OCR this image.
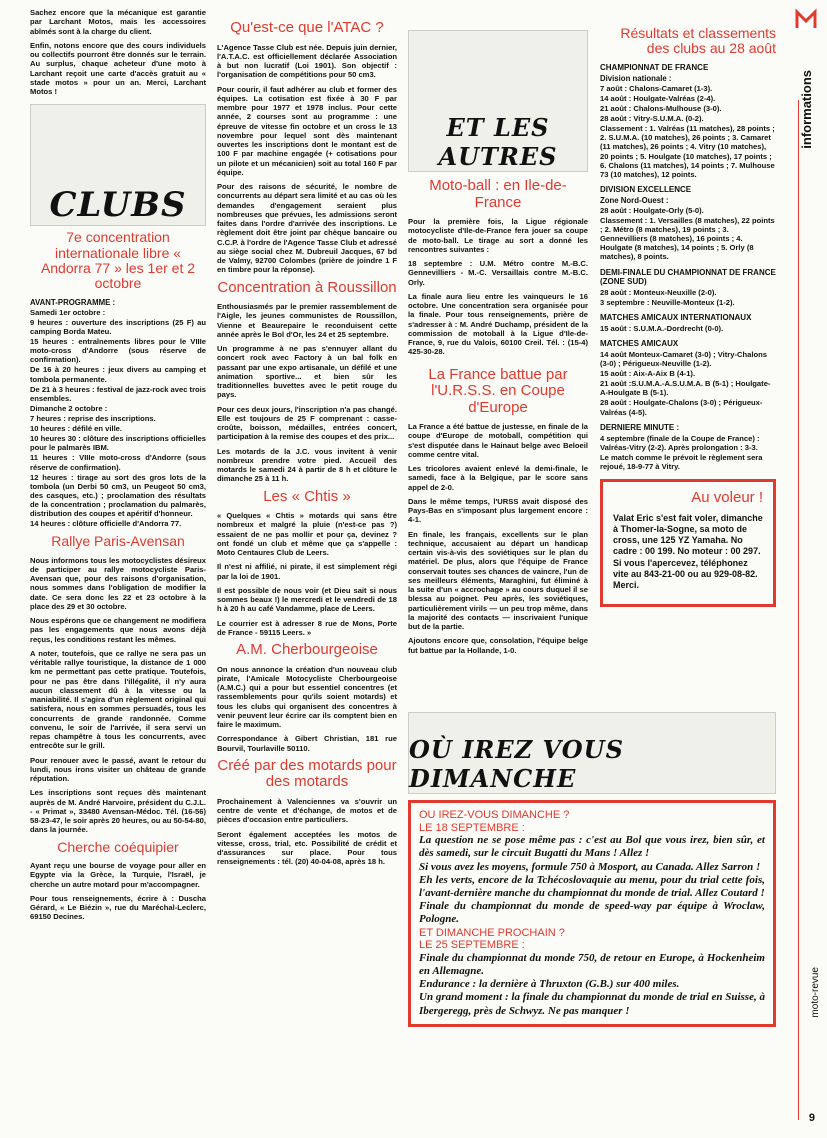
informations
moto-revue
9

Sachez encore que la mécanique est garantie par Larchant Motos, mais les accessoires abîmés sont à la charge du client.

Enfin, notons encore que des cours individuels ou collectifs pourront être donnés sur le terrain. Au surplus, chaque acheteur d'une moto à Larchant reçoit une carte d'accès gratuit au « stade motos » pour un an. Merci, Larchant Motos !

CLUBS
7e concentration internationale libre « Andorra 77 » les 1er et 2 octobre
AVANT-PROGRAMME :

Samedi 1er octobre :

9 heures : ouverture des inscriptions (25 F) au camping Borda Mateu.

15 heures : entraînements libres pour le VIIIe moto-cross d'Andorre (sous réserve de confirmation).

De 16 à 20 heures : jeux divers au camping et tombola permanente.

De 21 à 3 heures : festival de jazz-rock avec trois ensembles.

Dimanche 2 octobre :

7 heures : reprise des inscriptions.

10 heures : défilé en ville.

10 heures 30 : clôture des inscriptions officielles pour le palmarès IBM.

11 heures : VIIIe moto-cross d'Andorre (sous réserve de confirmation).

12 heures : tirage au sort des gros lots de la tombola (un Derbi 50 cm3, un Peugeot 50 cm3, des casques, etc.) ; proclamation des résultats de la concentration ; proclamation du palmarès, distribution des coupes et apéritif d'honneur.

14 heures : clôture officielle d'Andorra 77.

Rallye Paris-Avensan

Nous informons tous les motocyclistes désireux de participer au rallye motocycliste Paris-Avensan que, pour des raisons d'organisation, nous sommes dans l'obligation de modifier la date. Ce sera donc les 22 et 23 octobre à la place des 29 et 30 octobre.

Nous espérons que ce changement ne modifiera pas les engagements que nous avons déjà reçus, les conditions restant les mêmes.

A noter, toutefois, que ce rallye ne sera pas un véritable rallye touristique, la distance de 1 000 km ne permettant pas cette pratique. Toutefois, pour ne pas être dans l'illégalité, il n'y aura aucun classement dû à la vitesse ou la maniabilité. Il s'agira d'un règlement original qui satisfera, nous en sommes persuadés, tous les concurrents de grande randonnée. Comme convenu, le soir de l'arrivée, il sera servi un repas champêtre à tous les concurrents, avec entrecôte sur le grill.

Pour renouer avec le passé, avant le retour du lundi, nous irons visiter un château de grande réputation.

Les inscriptions sont reçues dès maintenant auprès de M. André Harvoire, président du C.J.L. - « Primat », 33480 Avensan-Médoc. Tél. (16-56) 58-23-47, le soir après 20 heures, ou au 50-54-80, dans la journée.

Cherche coéquipier

Ayant reçu une bourse de voyage pour aller en Egypte via la Grèce, la Turquie, l'Israël, je cherche un autre motard pour m'accompagner.

Pour tous renseignements, écrire à : Duscha Gérard, « Le Biézin », rue du Maréchal-Leclerc, 69150 Decines.

Qu'est-ce que l'ATAC ?

L'Agence Tasse Club est née. Depuis juin dernier, l'A.T.A.C. est officiellement déclarée Association à but non lucratif (Loi 1901). Son objectif : l'organisation de compétitions pour 50 cm3.

Pour courir, il faut adhérer au club et former des équipes. La cotisation est fixée à 30 F par membre pour 1977 et 1978 inclus. Pour cette année, 2 courses sont au programme : une épreuve de vitesse fin octobre et un cross le 13 novembre pour lequel sont dès maintenant ouvertes les inscriptions dont le montant est de 100 F par machine engagée (+ cotisations pour un pilote et un mécanicien) soit au total 160 F par équipe.

Pour des raisons de sécurité, le nombre de concurrents au départ sera limité et au cas où les demandes d'engagement seraient plus nombreuses que prévues, les admissions seront faites dans l'ordre d'arrivée des inscriptions. Le règlement doit être joint par chèque bancaire ou C.C.P. à l'ordre de l'Agence Tasse Club et adressé au siège social chez M. Dubreuil Jacques, 67 bd de Valmy, 92700 Colombes (prière de joindre 1 F en timbre pour la réponse).

Concentration à Roussillon

Enthousiasmés par le premier rassemblement de l'Aigle, les jeunes communistes de Roussillon, Vienne et Beaurepaire le reconduisent cette année après le Bol d'Or, les 24 et 25 septembre.

Un programme à ne pas s'ennuyer allant du concert rock avec Factory à un bal folk en passant par une expo artisanale, un défilé et une animation sportive... et bien sûr les traditionnelles buvettes avec le petit rouge du pays.

Pour ces deux jours, l'inscription n'a pas changé. Elle est toujours de 25 F comprenant : casse-croûte, boisson, médailles, entrées concert, participation à la remise des coupes et des prix...

Les motards de la J.C. vous invitent à venir nombreux prendre votre pied. Accueil des motards le samedi 24 à partir de 8 h et clôture le dimanche 25 à 11 h.

Les « Chtis »

« Quelques « Chtis » motards qui sans être nombreux et malgré la pluie (n'est-ce pas ?) essaient de ne pas mollir et pour ça, devinez ? ont fondé un club et même que ça s'appelle : Moto Centaures Club de Leers.

Il n'est ni affilié, ni pirate, il est simplement régi par la loi de 1901.

Il est possible de nous voir (et Dieu sait si nous sommes beaux !) le mercredi et le vendredi de 18 h à 20 h au café Vandamme, place de Leers.

Le courrier est à adresser 8 rue de Mons, Porte de France - 59115 Leers. »

A.M. Cherbourgeoise

On nous annonce la création d'un nouveau club pirate, l'Amicale Motocycliste Cherbourgeoise (A.M.C.) qui a pour but essentiel concentres (et rassemblements pour qu'ils soient motards) et tous les clubs qui organisent des concentres à venir peuvent leur écrire car ils comptent bien en faire le maximum.

Correspondance à Gibert Christian, 181 rue Bourvil, Tourlaville 50110.

Créé par des motards pour des motards

Prochainement à Valenciennes va s'ouvrir un centre de vente et d'échange, de motos et de pièces d'occasion entre particuliers.

Seront également acceptées les motos de vitesse, cross, trial, etc. Possibilité de crédit et d'assurances sur place. Pour tous renseignements : tél. (20) 40-04-08, après 18 h.

ET LES AUTRES
Moto-ball : en Ile-de-France

Pour la première fois, la Ligue régionale motocycliste d'Ile-de-France fera jouer sa coupe de moto-ball. Le tirage au sort a donné les rencontres suivantes :

18 septembre : U.M. Métro contre M.-B.C. Gennevilliers - M.-C. Versaillais contre M.-B.C. Orly.

La finale aura lieu entre les vainqueurs le 16 octobre. Une concentration sera organisée pour la finale. Pour tous renseignements, prière de s'adresser à : M. André Duchamp, président de la commission de motoball à la Ligue d'Ile-de-France, 9, rue du Valois, 60100 Creil. Tél. : (15-4) 425-30-28.

La France battue par l'U.R.S.S. en Coupe d'Europe

La France a été battue de justesse, en finale de la coupe d'Europe de motoball, compétition qui s'est disputée dans le Hainaut belge avec Beloeil comme centre vital.

Les tricolores avaient enlevé la demi-finale, le samedi, face à la Belgique, par le score sans appel de 2-0.

Dans le même temps, l'URSS avait disposé des Pays-Bas en s'imposant plus largement encore : 4-1.

En finale, les français, excellents sur le plan technique, accusaient au départ un handicap certain vis-à-vis des soviétiques sur le plan du matériel. De plus, alors que l'équipe de France conservait toutes ses chances de vaincre, l'un de ses meilleurs éléments, Maraghini, fut éliminé à la suite d'un « accrochage » au cours duquel il se blessa au poignet. Peu après, les soviétiques, particulièrement virils — un peu trop même, dans la majorité des contacts — inscrivaient l'unique but de la partie.

Ajoutons encore que, consolation, l'équipe belge fut battue par la Hollande, 1-0.

Résultats et classements des clubs au 28 août
CHAMPIONNAT DE FRANCE
Division nationale :
7 août : Chalons-Camaret (1-3).
14 août : Houlgate-Valréas (2-4).
21 août : Chalons-Mulhouse (3-0).
28 août : Vitry-S.U.M.A. (0-2).
Classement : 1. Valréas (11 matches), 28 points ; 2. S.U.M.A. (10 matches), 26 points ; 3. Camaret (11 matches), 26 points ; 4. Vitry (10 matches), 20 points ; 5. Houlgate (10 matches), 17 points ; 6. Chalons (11 matches), 14 points ; 7. Mulhouse 73 (10 matches), 12 points.
DIVISION EXCELLENCE
Zone Nord-Ouest :
28 août : Houlgate-Orly (5-0).
Classement : 1. Versailles (8 matches), 22 points ; 2. Métro (8 matches), 19 points ; 3. Gennevilliers (8 matches), 16 points ; 4. Houlgate (8 matches), 14 points ; 5. Orly (8 matches), 8 points.
DEMI-FINALE DU CHAMPIONNAT DE FRANCE (ZONE SUD)
28 août : Monteux-Neuxille (2-0).
3 septembre : Neuville-Monteux (1-2).
MATCHES AMICAUX INTERNATIONAUX
15 août : S.U.M.A.-Dordrecht (0-0).
MATCHES AMICAUX
14 août Monteux-Camaret (3-0) ; Vitry-Chalons (3-0) ; Périgueux-Neuville (1-2).
15 août : Aix-A-Aix B (4-1).
21 août :S.U.M.A.-A.S.U.M.A. B (5-1) ; Houlgate-A-Houlgate B (5-1).
28 août : Houlgate-Chalons (3-0) ; Périgueux-Valréas (4-5).
DERNIERE MINUTE :
4 septembre (finale de la Coupe de France) : Valréas-Vitry (2-2). Après prolongation : 3-3.
Le match comme le prévoit le règlement sera rejoué, 18-9-77 à Vitry.
Au voleur !

Valat Eric s'est fait voler, dimanche à Thomer-la-Sogne, sa moto de cross, une 125 YZ Yamaha. No cadre : 00 199. No moteur : 00 297. Si vous l'apercevez, téléphonez vite au 843-21-00 ou au 929-08-82. Merci.

OÙ IREZ VOUS DIMANCHE
OU IREZ-VOUS DIMANCHE ?
LE 18 SEPTEMBRE :

La question ne se pose même pas : c'est au Bol que vous irez, bien sûr, et dès samedi, sur le circuit Bugatti du Mans ! Allez !

Si vous avez les moyens, formule 750 à Mosport, au Canada. Allez Sarron !

Eh les verts, encore de la Tchécoslovaquie au menu, pour du trial cette fois, l'avant-dernière manche du championnat du monde de trial. Allez Coutard !

Finale du championnat du monde de speed-way par équipe à Wroclaw, Pologne.

ET DIMANCHE PROCHAIN ?
LE 25 SEPTEMBRE :

Finale du championnat du monde 750, de retour en Europe, à Hockenheim en Allemagne.

Endurance : la dernière à Thruxton (G.B.) sur 400 miles.

Un grand moment : la finale du championnat du monde de trial en Suisse, à Ibergeregg, près de Schwyz. Ne pas manquer !
